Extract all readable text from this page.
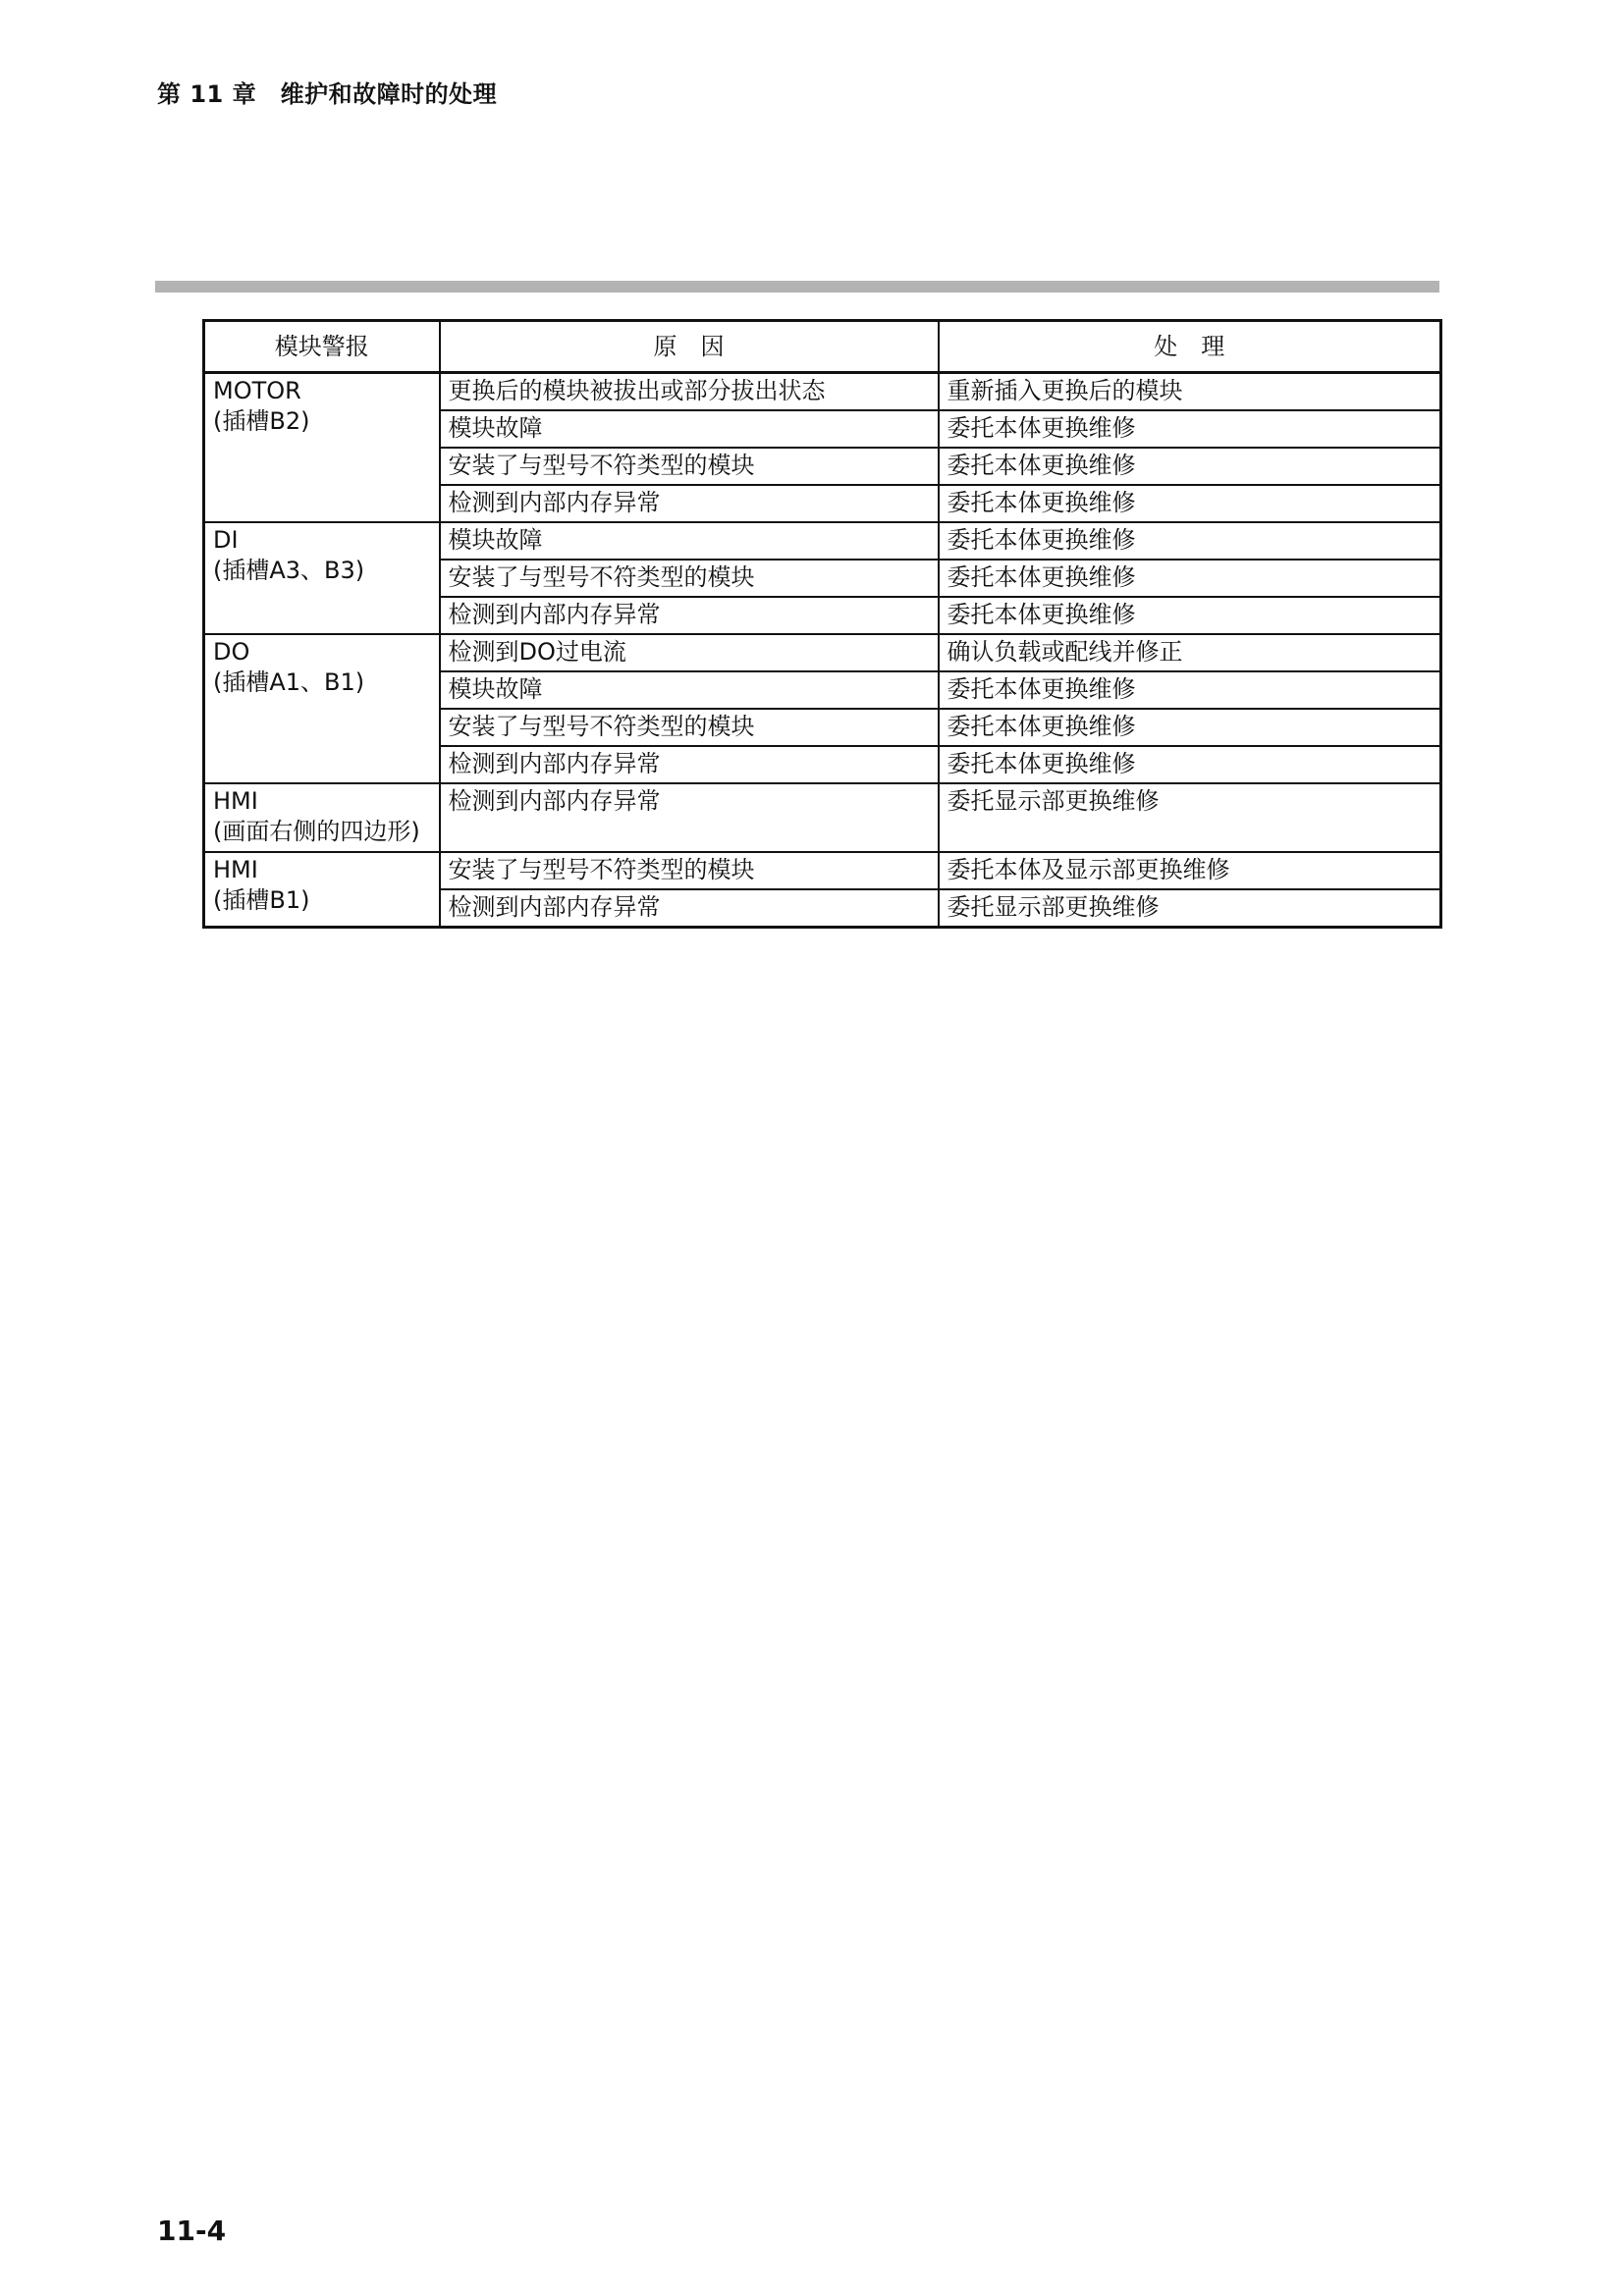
第 11 章　维护和故障时的处理
模块警报	原　因	处　理

MOTOR
(插槽B2)	更换后的模块被拔出或部分拔出状态	重新插入更换后的模块
	模块故障	委托本体更换维修
	安装了与型号不符类型的模块	委托本体更换维修
	检测到内部内存异常	委托本体更换维修

DI
(插槽A3、B3)	模块故障	委托本体更换维修
	安装了与型号不符类型的模块	委托本体更换维修
	检测到内部内存异常	委托本体更换维修

DO
(插槽A1、B1)	检测到DO过电流	确认负载或配线并修正
	模块故障	委托本体更换维修
	安装了与型号不符类型的模块	委托本体更换维修
	检测到内部内存异常	委托本体更换维修

HMI
(画面右侧的四边形)	检测到内部内存异常	委托显示部更换维修

HMI
(插槽B1)	安装了与型号不符类型的模块	委托本体及显示部更换维修
	检测到内部内存异常	委托显示部更换维修
11-4
